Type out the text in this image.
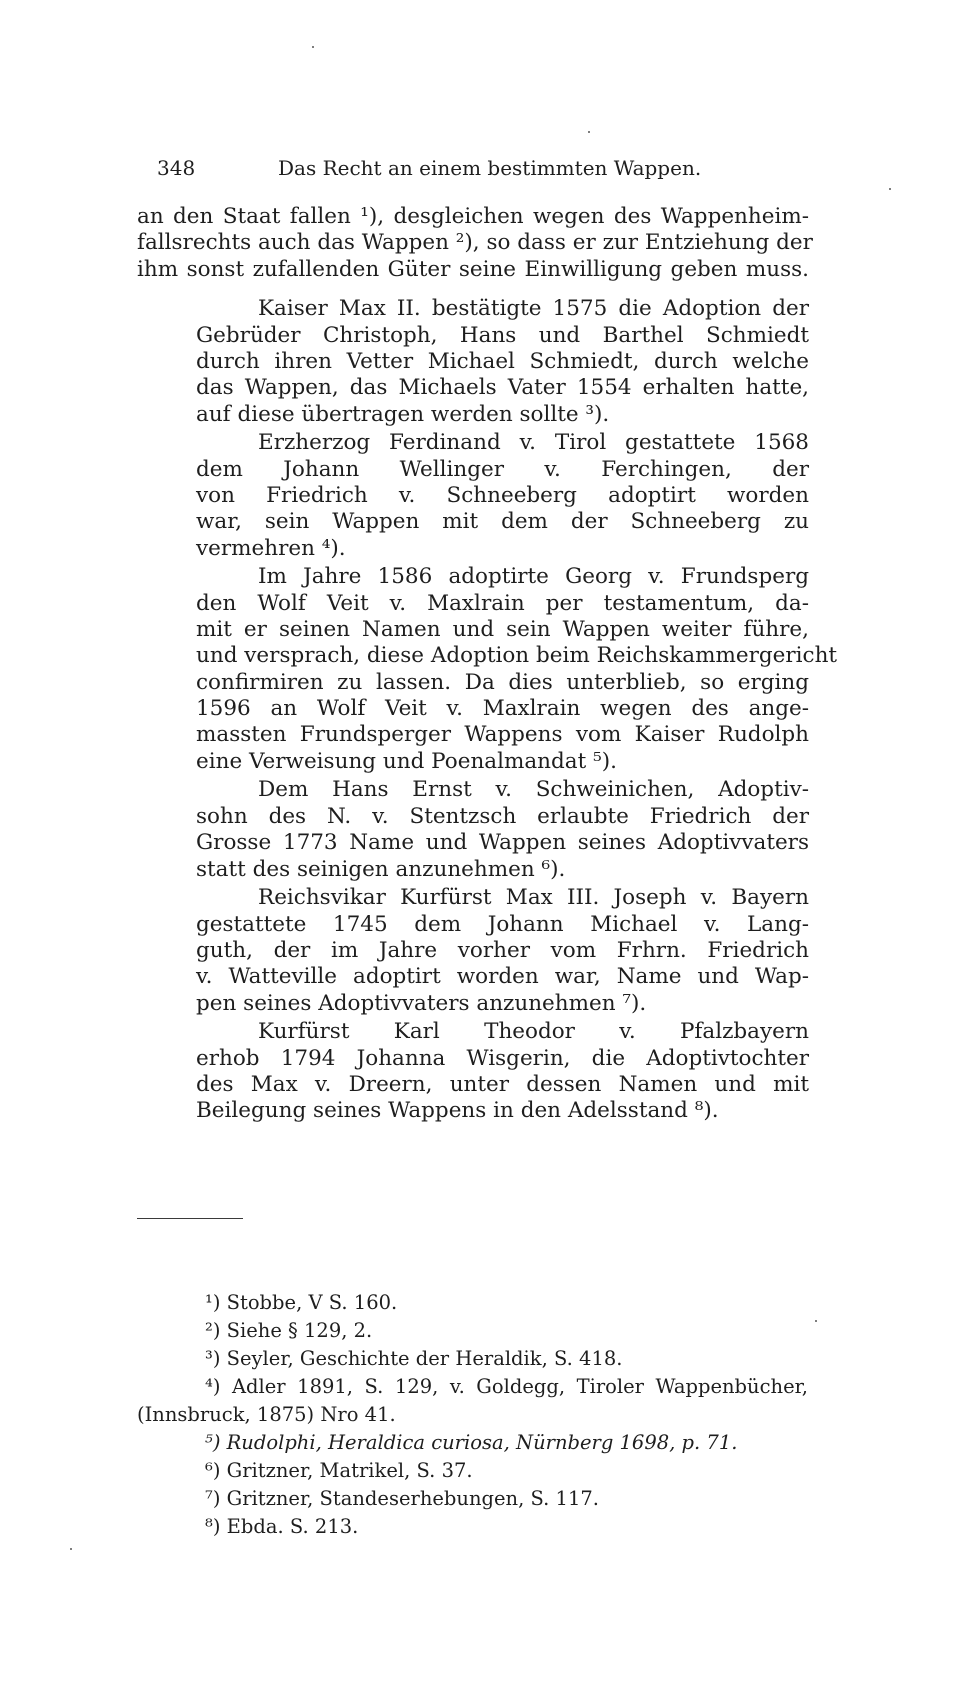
348	Das Recht an einem bestimmten Wappen.
an den Staat fallen ¹), desgleichen wegen des Wappenheim-
fallsrechts auch das Wappen ²), so dass er zur Entziehung der
ihm sonst zufallenden Güter seine Einwilligung geben muss.
Kaiser Max II. bestätigte 1575 die Adoption der
Gebrüder Christoph, Hans und Barthel Schmiedt
durch ihren Vetter Michael Schmiedt, durch welche
das Wappen, das Michaels Vater 1554 erhalten hatte,
auf diese übertragen werden sollte ³).
Erzherzog Ferdinand v. Tirol gestattete 1568
dem Johann Wellinger v. Ferchingen, der
von Friedrich v. Schneeberg adoptirt worden
war, sein Wappen mit dem der Schneeberg zu
vermehren ⁴).
Im Jahre 1586 adoptirte Georg v. Frundsperg
den Wolf Veit v. Maxlrain per testamentum, da-
mit er seinen Namen und sein Wappen weiter führe,
und versprach, diese Adoption beim Reichskammergericht
confirmiren zu lassen. Da dies unterblieb, so erging
1596 an Wolf Veit v. Maxlrain wegen des ange-
massten Frundsperger Wappens vom Kaiser Rudolph
eine Verweisung und Poenalmandat ⁵).
Dem Hans Ernst v. Schweinichen, Adoptiv-
sohn des N. v. Stentzsch erlaubte Friedrich der
Grosse 1773 Name und Wappen seines Adoptivvaters
statt des seinigen anzunehmen ⁶).
Reichsvikar Kurfürst Max III. Joseph v. Bayern
gestattete 1745 dem Johann Michael v. Lang-
guth, der im Jahre vorher vom Frhrn. Friedrich
v. Watteville adoptirt worden war, Name und Wap-
pen seines Adoptivvaters anzunehmen ⁷).
Kurfürst Karl Theodor v. Pfalzbayern
erhob 1794 Johanna Wisgerin, die Adoptivtochter
des Max v. Dreern, unter dessen Namen und mit
Beilegung seines Wappens in den Adelsstand ⁸).
¹) Stobbe, V S. 160.
²) Siehe § 129, 2.
³) Seyler, Geschichte der Heraldik, S. 418.
⁴) Adler 1891, S. 129, v. Goldegg, Tiroler Wappenbücher,
(Innsbruck, 1875) Nro 41.
⁵) Rudolphi, Heraldica curiosa, Nürnberg 1698, p. 71.
⁶) Gritzner, Matrikel, S. 37.
⁷) Gritzner, Standeserhebungen, S. 117.
⁸) Ebda. S. 213.
